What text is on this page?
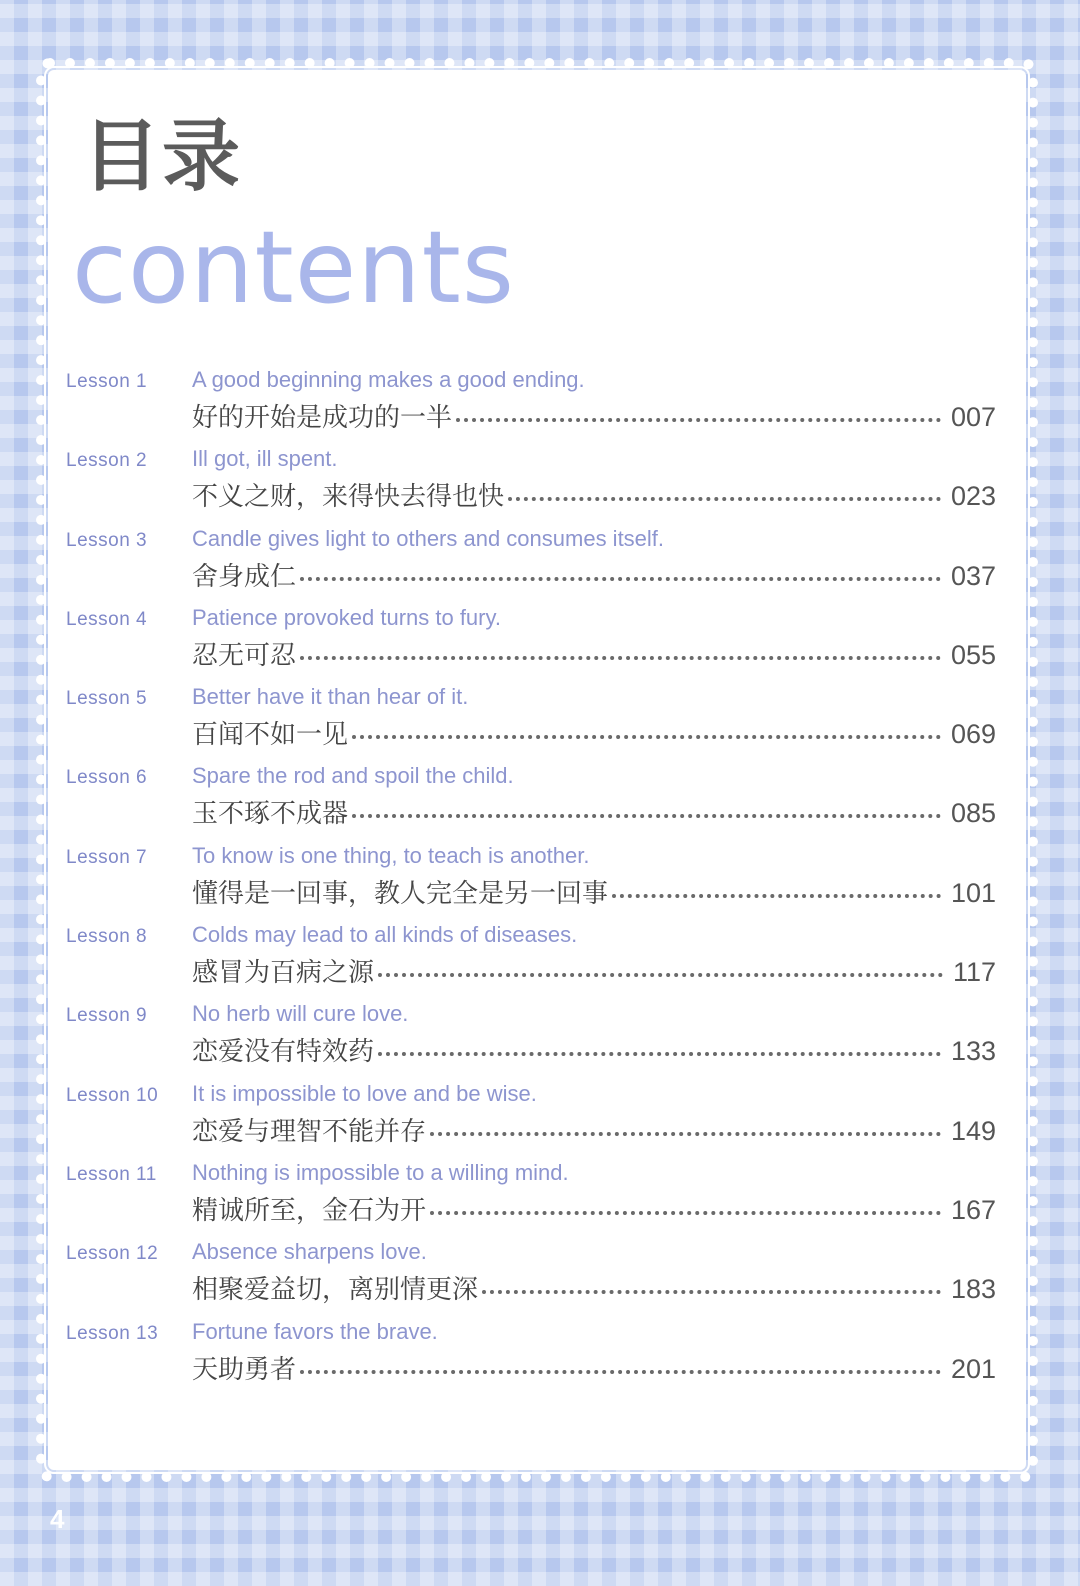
目录
contents
Lesson 1	A good beginning makes a good ending.
好的开始是成功的一半	007
Lesson 2	Ill got, ill spent.
不义之财，来得快去得也快	023
Lesson 3	Candle gives light to others and consumes itself.
舍身成仁	037
Lesson 4	Patience provoked turns to fury.
忍无可忍	055
Lesson 5	Better have it than hear of it.
百闻不如一见	069
Lesson 6	Spare the rod and spoil the child.
玉不琢不成器	085
Lesson 7	To know is one thing, to teach is another.
懂得是一回事，教人完全是另一回事	101
Lesson 8	Colds may lead to all kinds of diseases.
感冒为百病之源	117
Lesson 9	No herb will cure love.
恋爱没有特效药	133
Lesson 10	It is impossible to love and be wise.
恋爱与理智不能并存	149
Lesson 11	Nothing is impossible to a willing mind.
精诚所至，金石为开	167
Lesson 12	Absence sharpens love.
相聚爱益切，离别情更深	183
Lesson 13	Fortune favors the brave.
天助勇者	201
4
